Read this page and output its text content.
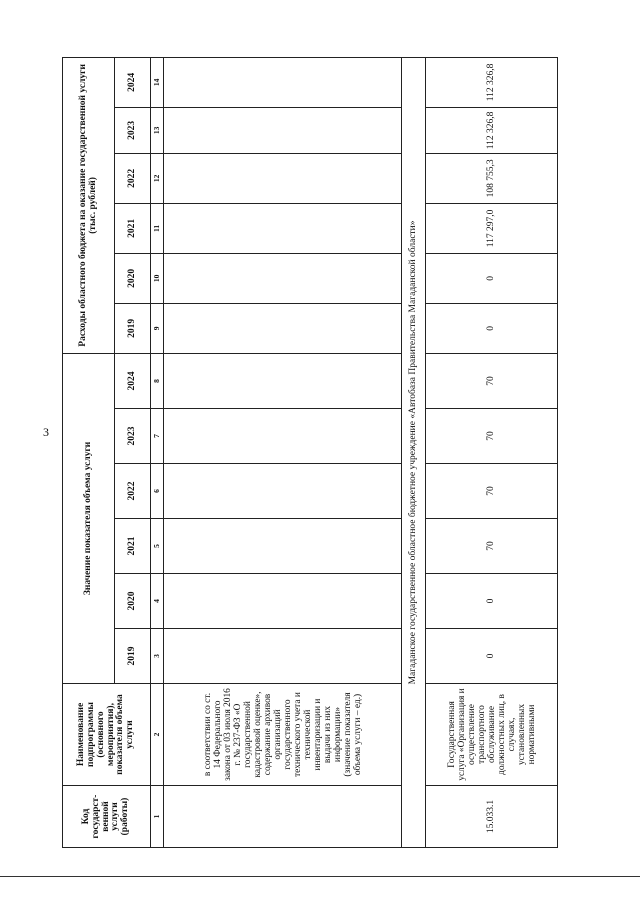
3
Код государст-венной услуги (работы)	Наименование подпрограммы (основного мероприятия), показателя объема услуги	Значение показателя объема услуги						Расходы областного бюджета на оказание государственной услуги (тыс. рублей)					
		2019	2020	2021	2022	2023	2024	2019	2020	2021	2022	2023	2024
1	2	3	4	5	6	7	8	9	10	11	12	13	14
	в соответствии со ст. 14 Федерального закона от 03 июля 2016 г. № 237-ФЗ «О государственной кадастровой оценке», содержание архивов организаций государственного технического учета и технической инвентаризации и выдачи из них информации» (значение показателя объема услуги – ед.)												
Магаданское государственное областное бюджетное учреждение «Автобаза Правительства Магаданской области»													
15.033.1	Государственная услуга «Организация и осуществление транспортного обслуживание должностных лиц, в случаях, установленных нормативными	0	0	70	70	70	70	0	0	117 297,0	108 755,3	112 326,8	112 326,8
